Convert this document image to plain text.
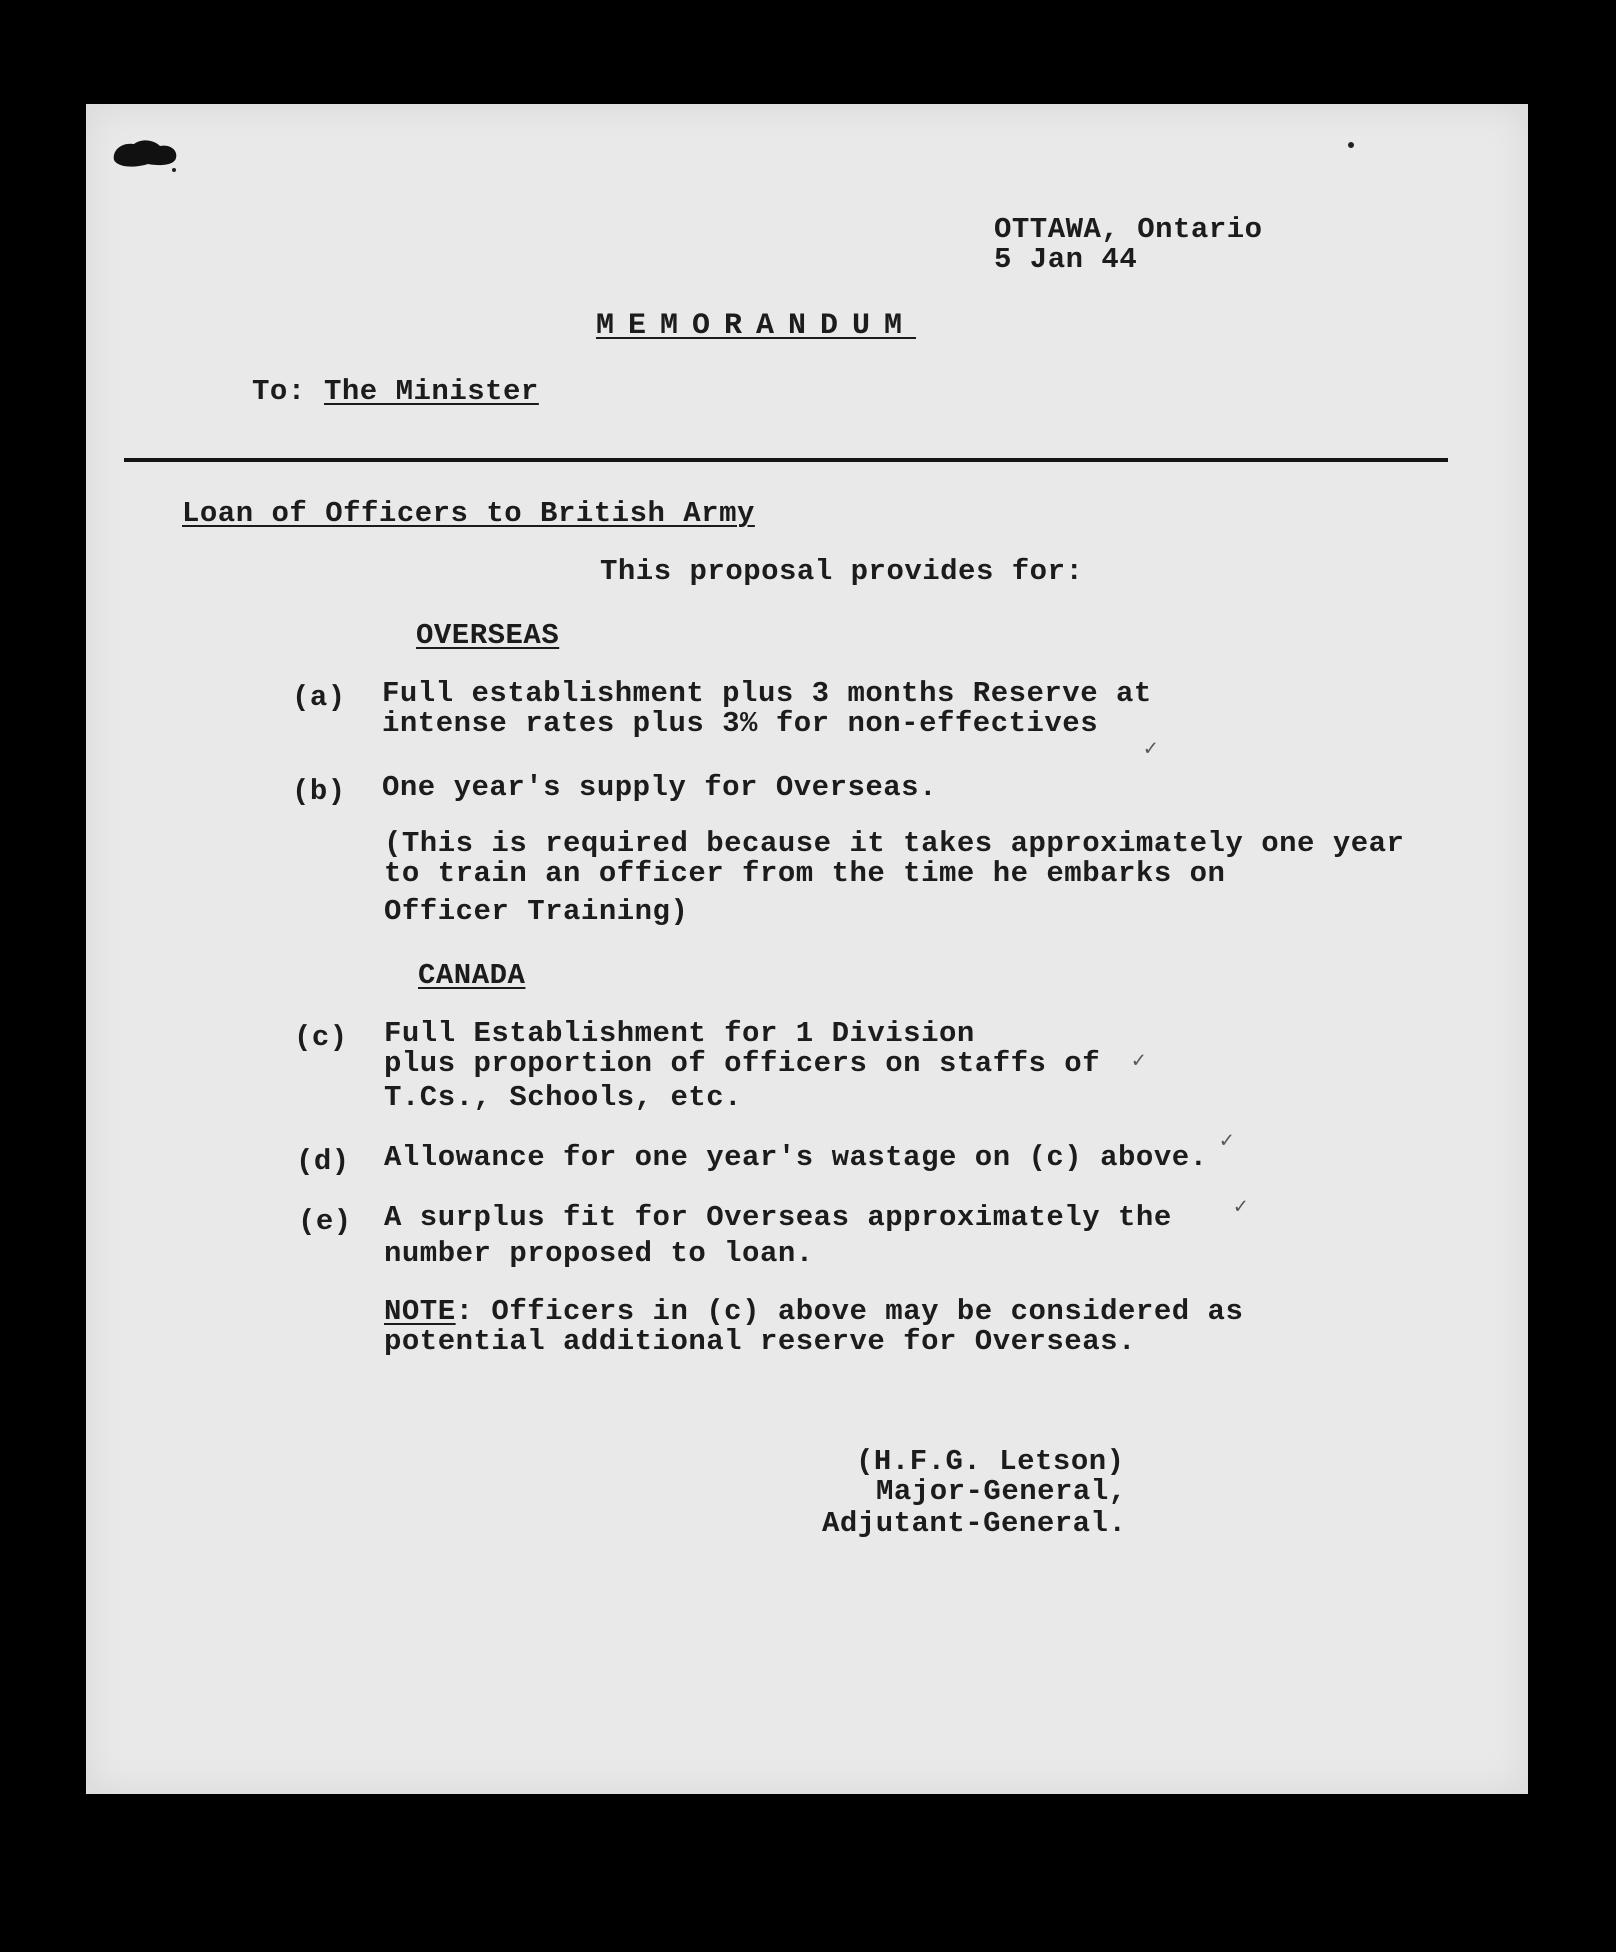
OTTAWA, Ontario
5 Jan 44
MEMORANDUM
To: The Minister
Loan of Officers to British Army
This proposal provides for:
OVERSEAS
(a) Full establishment plus 3 months Reserve at
intense rates plus 3% for non-effectives
✓
(b) One year's supply for Overseas.
(This is required because it takes approximately one year
to train an officer from the time he embarks on
Officer Training)
CANADA
(c) Full Establishment for 1 Division
plus proportion of officers on staffs of
T.Cs., Schools, etc.
✓
(d) Allowance for one year's wastage on (c) above. ✓
(e) A surplus fit for Overseas approximately the
number proposed to loan.
✓
NOTE: Officers in (c) above may be considered as
potential additional reserve for Overseas.
(H.F.G. Letson)
Major-General,
Adjutant-General.
